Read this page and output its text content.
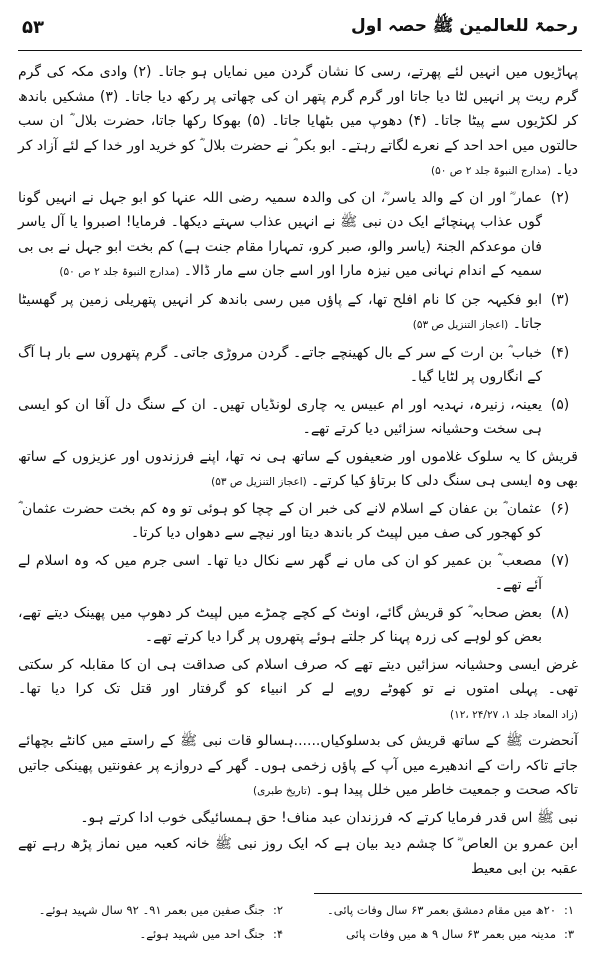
۵۳	رحمۃ للعالمین ﷺ حصہ اول

پہاڑیوں میں انہیں لئے پھرتے، رسی کا نشان گردن میں نمایاں ہو جاتا۔ (۲) وادی مکہ کی گرم گرم ریت پر انہیں لٹا دیا جاتا اور گرم گرم پتھر ان کی چھاتی پر رکھ دیا جاتا۔ (۳) مشکیں باندھ کر لکڑیوں سے پیٹا جاتا۔ (۴) دھوپ میں بٹھایا جاتا۔ (۵) بھوکا رکھا جاتا، حضرت بلال ؓ ان سب حالتوں میں احد احد کے نعرے لگاتے رہتے۔ ابو بکر ؓ نے حضرت بلال ؓ کو خرید اور خدا کے لئے آزاد کر دیا۔ (مدارج النبوۃ جلد ۲ ص ۵۰)

(۲)
عمار ؓ اور ان کے والد یاسر ؓ، ان کی والدہ سمیہ رضی اللہ عنہا کو ابو جہل نے انہیں گونا گوں عذاب پہنچائے ایک دن نبی ﷺ نے انہیں عذاب سہتے دیکھا۔ فرمایا! اصبروا یا آل یاسر فان موعدکم الجنۃ (یاسر والو، صبر کرو، تمہارا مقام جنت ہے) کم بخت ابو جہل نے بی بی سمیہ کے اندام نہانی میں نیزہ مارا اور اسے جان سے مار ڈالا۔ (مدارج النبوۃ جلد ۲ ص ۵۰)
(۳)
ابو فکیہہ جن کا نام افلح تھا، کے پاؤں میں رسی باندھ کر انہیں پتھریلی زمین پر گھسیٹا جاتا۔ (اعجاز التنزیل ص ۵۳)
(۴)
خباب ؓ بن ارت کے سر کے بال کھینچے جاتے۔ گردن مروڑی جاتی۔ گرم پتھروں سے بار ہا آگ کے انگاروں پر لٹایا گیا۔
(۵)
یعینہ، زنیرہ، نہدیہ اور ام عبیس یہ چاری لونڈیاں تھیں۔ ان کے سنگ دل آقا ان کو ایسی ہی سخت وحشیانہ سزائیں دیا کرتے تھے۔

قریش کا یہ سلوک غلاموں اور ضعیفوں کے ساتھ ہی نہ تھا، اپنے فرزندوں اور عزیزوں کے ساتھ بھی وہ ایسی ہی سنگ دلی کا برتاؤ کیا کرتے۔ (اعجاز التنزیل ص ۵۳)

(۶)
عثمان ؓ بن عفان کے اسلام لانے کی خبر ان کے چچا کو ہوئی تو وہ کم بخت حضرت عثمان ؓ کو کھجور کی صف میں لپیٹ کر باندھ دیتا اور نیچے سے دھواں دیا کرتا۔
(۷)
مصعب ؓ بن عمیر کو ان کی ماں نے گھر سے نکال دیا تھا۔ اسی جرم میں کہ وہ اسلام لے آئے تھے۔
(۸)
بعض صحابہ ؓ کو قریش گائے، اونٹ کے کچے چمڑے میں لپیٹ کر دھوپ میں پھینک دیتے تھے، بعض کو لوہے کی زرہ پہنا کر جلتے ہوئے پتھروں پر گرا دیا کرتے تھے۔

غرض ایسی وحشیانہ سزائیں دیتے تھے کہ صرف اسلام کی صداقت ہی ان کا مقابلہ کر سکتی تھی۔ پہلی امتوں نے تو کھوٹے روپے لے کر انبیاء کو گرفتار اور قتل تک کرا دیا تھا۔ (زاد المعاد جلد ۱، ۲۴/۲۷ ،۱۲)

آنحضرت ﷺ کے ساتھ قریش کی بدسلوکیاں......ہسالو قات نبی ﷺ کے راستے میں کانٹے بچھائے جاتے تاکہ رات کے اندھیرے میں آپ کے پاؤں زخمی ہوں۔ گھر کے دروازے پر عفونتیں پھینکی جاتیں تاکہ صحت و جمعیت خاطر میں خلل پیدا ہو۔ (تاریخ طبری)

نبی ﷺ اس قدر فرمایا کرتے کہ فرزندان عبد مناف! حق ہمسائیگی خوب ادا کرتے ہو۔

ابن عمرو بن العاص ؓ کا چشم دید بیان ہے کہ ایک روز نبی ﷺ خانہ کعبہ میں نماز پڑھ رہے تھے عقبہ بن ابی معیط

۱:
۲۰ھ میں مقام دمشق بعمر ۶۳ سال وفات پائی۔
۲:
جنگ صفین میں بعمر ۹۱۔ ۹۲ سال شہید ہوئے۔
۳:
مدینہ میں بعمر ۶۳ سال ۹ ھ میں وفات پائی
۴:
جنگ احد میں شہید ہوئے۔
